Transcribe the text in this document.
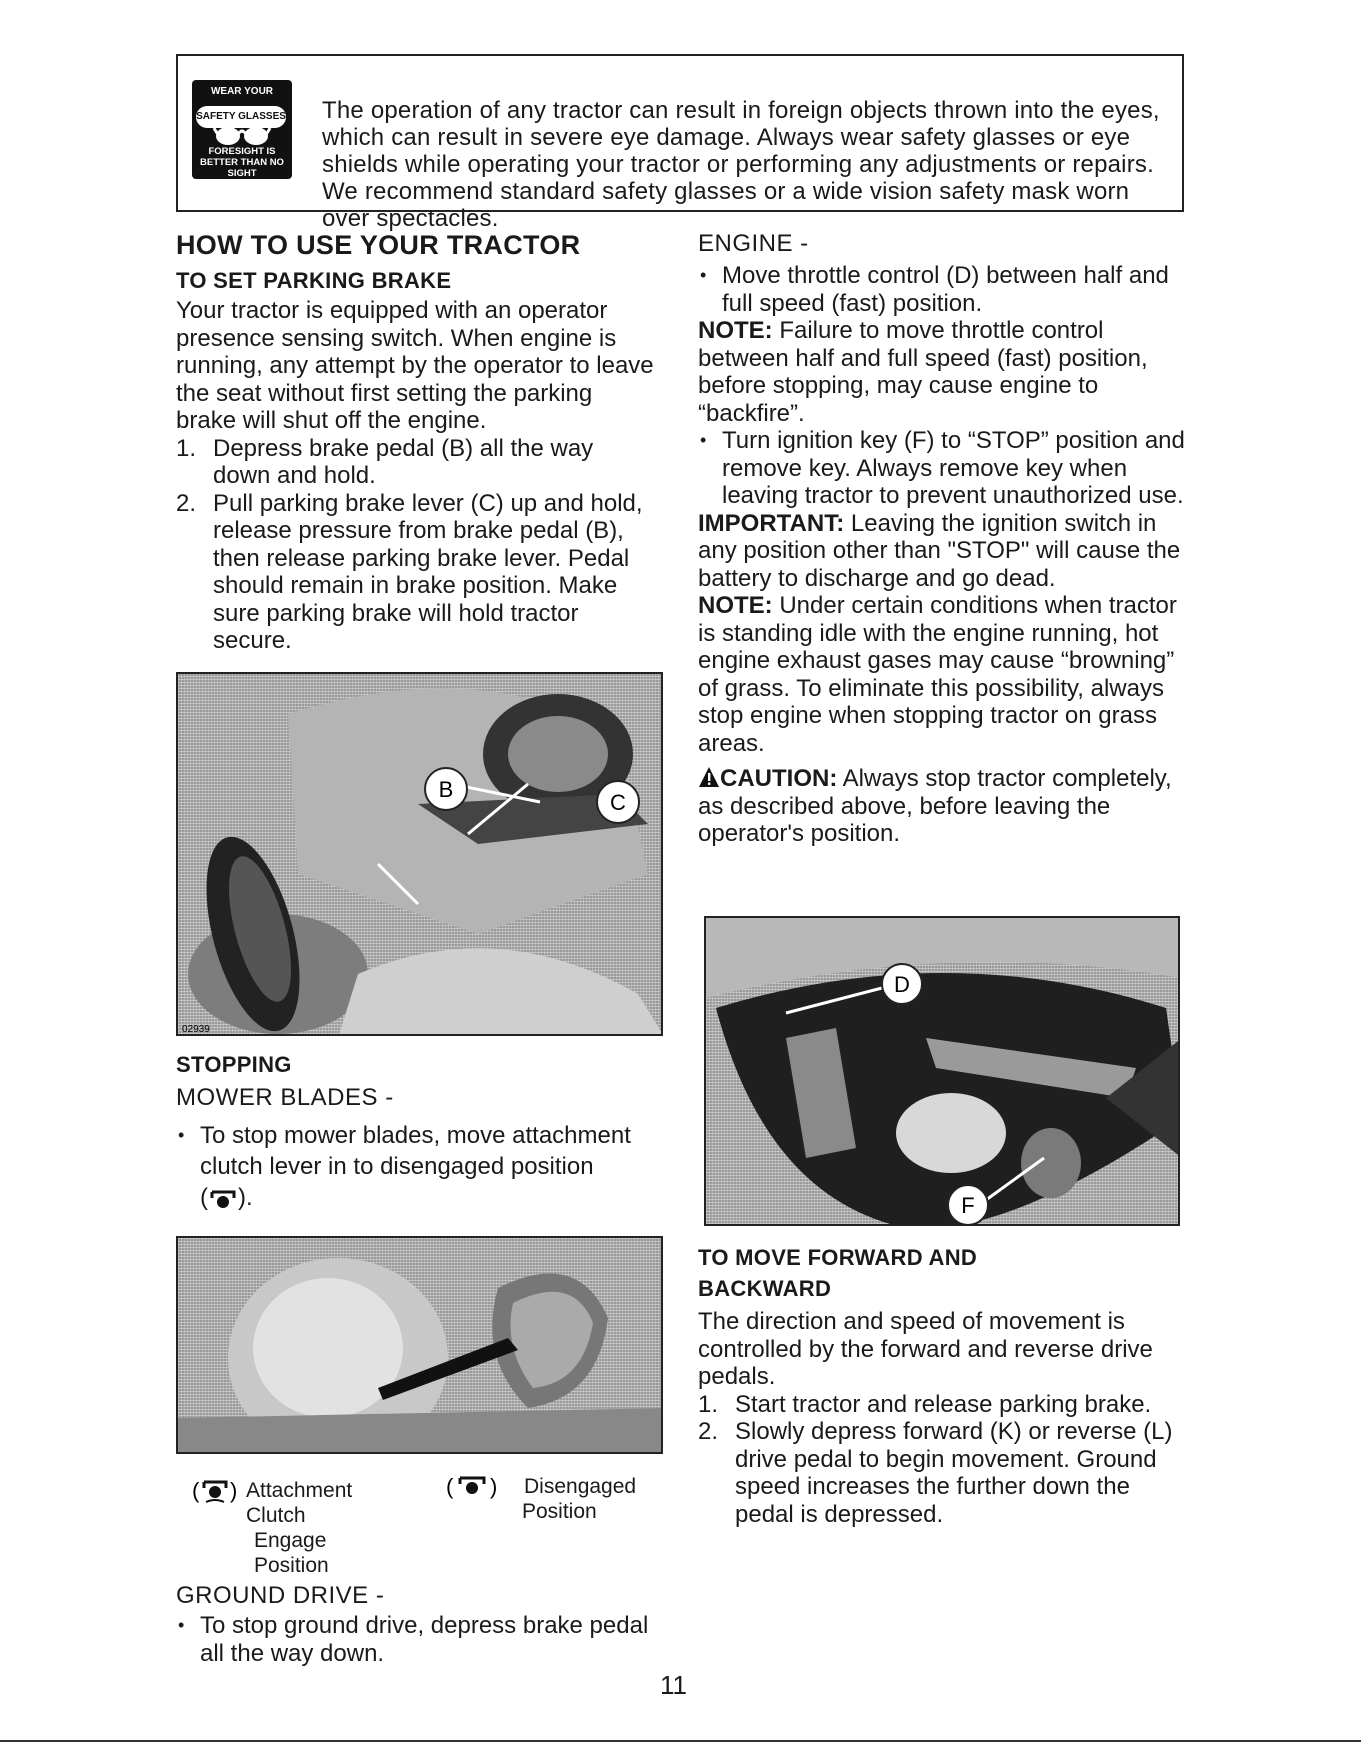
WEAR YOUR
SAFETY GLASSES
FORESIGHT IS BETTER THAN NO SIGHT

The operation of any tractor can result in foreign objects thrown into the eyes, which can result in severe eye damage. Always wear safety glasses or eye shields while operating your tractor or performing any adjustments or repairs. We recommend standard safety glasses or a wide vision safety mask worn over spectacles.

HOW TO USE YOUR TRACTOR
TO SET PARKING BRAKE

Your tractor is equipped with an operator presence sensing switch. When engine is running, any attempt by the operator to leave the seat without first setting the parking brake will shut off the engine.

1. Depress brake pedal (B) all the way down and hold.
2. Pull parking brake lever (C) up and hold, release pressure from brake pedal (B), then release parking brake lever. Pedal should remain in brake position. Make sure parking brake will hold tractor secure.
B
C
02939
STOPPING

MOWER BLADES -

• To stop mower blades, move attachment clutch lever in to disengaged position
( ).
( ) Attachment
Clutch
Engage Position
( ) Disengaged
Position

GROUND DRIVE -

• To stop ground drive, depress brake pedal all the way down.

ENGINE -

• Move throttle control (D) between half and full speed (fast) position.

NOTE: Failure to move throttle control between half and full speed (fast) position, before stopping, may cause engine to “backfire”.

• Turn ignition key (F) to “STOP” position and remove key. Always remove key when leaving tractor to prevent unauthorized use.

IMPORTANT: Leaving the ignition switch in any position other than "STOP" will cause the battery to discharge and go dead.

NOTE: Under certain conditions when tractor is standing idle with the engine running, hot engine exhaust gases may cause “browning” of grass. To eliminate this possibility, always stop engine when stopping tractor on grass areas.

CAUTION: Always stop tractor completely, as described above, before leaving the operator's position.

D
F
TO MOVE FORWARD AND
BACKWARD

The direction and speed of movement is controlled by the forward and reverse drive pedals.

1. Start tractor and release parking brake.
2. Slowly depress forward (K) or reverse (L) drive pedal to begin movement. Ground speed increases the further down the pedal is depressed.
11
